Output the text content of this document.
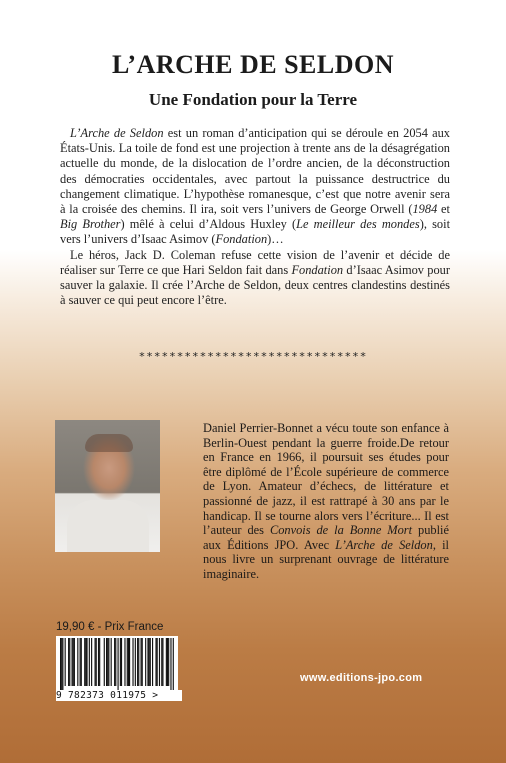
L’ARCHE DE SELDON
Une Fondation pour la Terre

L’Arche de Seldon est un roman d’anticipation qui se déroule en 2054 aux États-Unis. La toile de fond est une projection à trente ans de la désagrégation actuelle du monde, de la dislocation de l’ordre ancien, de la déconstruction des démocraties occidentales, avec partout la puissance destructrice du changement climatique. L’hypothèse romanesque, c’est que notre avenir sera à la croisée des chemins. Il ira, soit vers l’univers de George Orwell (1984 et Big Brother) mêlé à celui d’Aldous Huxley (Le meilleur des mondes), soit vers l’univers d’Isaac Asimov (Fondation)…

Le héros, Jack D. Coleman refuse cette vision de l’avenir et décide de réaliser sur Terre ce que Hari Seldon fait dans Fondation d’Isaac Asimov pour sauver la galaxie. Il crée l’Arche de Seldon, deux centres clandestins destinés à sauver ce qui peut encore l’être.

******************************

Daniel Perrier-Bonnet a vécu toute son enfance à Berlin-Ouest pendant la guerre froide.De retour en France en 1966, il poursuit ses études pour être diplômé de l’École supérieure de commerce de Lyon. Amateur d’échecs, de littérature et passionné de jazz, il est rattrapé à 30 ans par le handicap. Il se tourne alors vers l’écriture... Il est l’auteur des Convois de la Bonne Mort publié aux Éditions JPO. Avec L’Arche de Seldon, il nous livre un surprenant ouvrage de littérature imaginaire.

19,90 € - Prix France
9 782373 011975 >
www.editions-jpo.com
